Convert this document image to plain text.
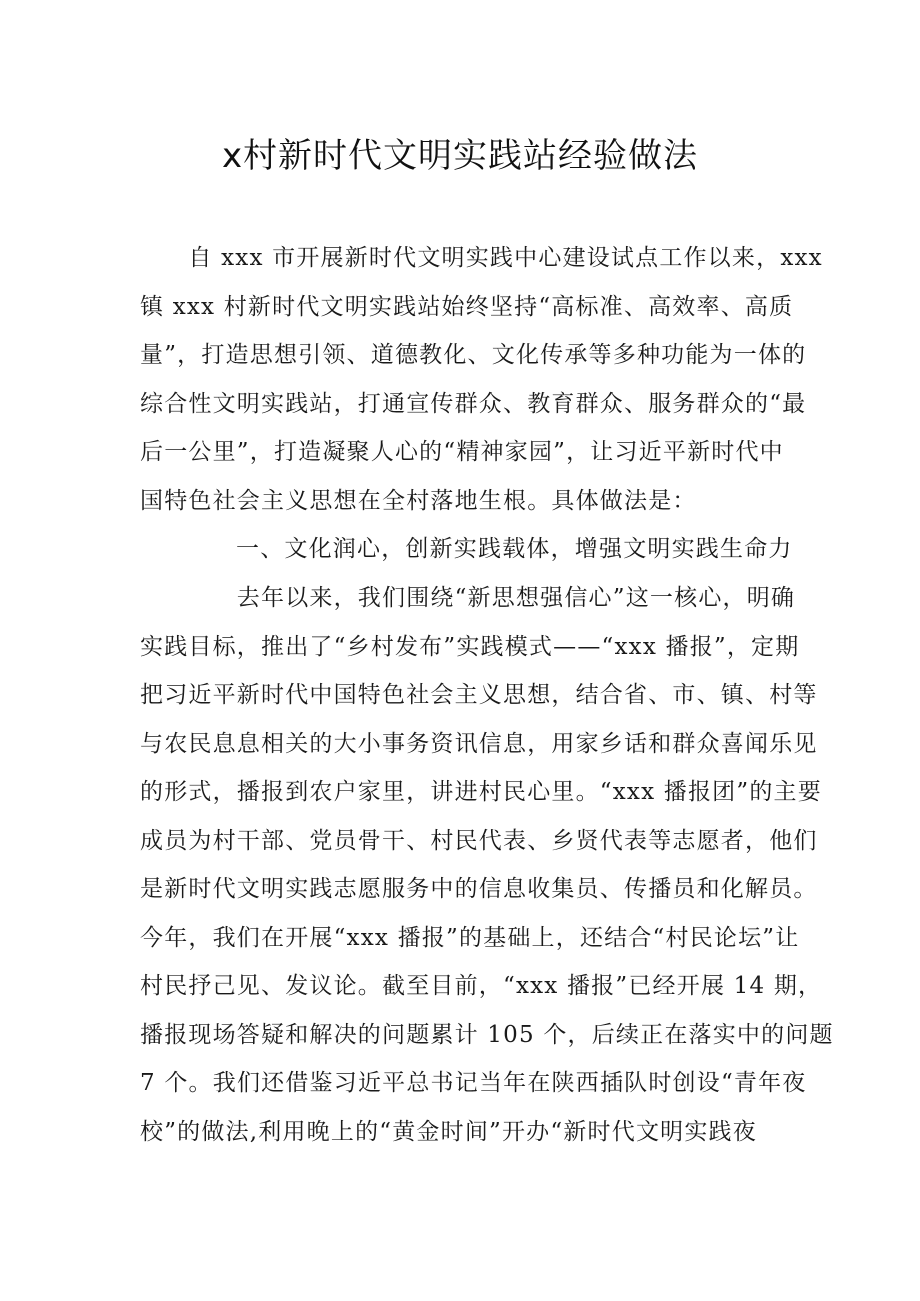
x村新时代文明实践站经验做法
　　自 xxx 市开展新时代文明实践中心建设试点工作以来，xxx
镇 xxx 村新时代文明实践站始终坚持“高标准、高效率、高质
量”，打造思想引领、道德教化、文化传承等多种功能为一体的
综合性文明实践站，打通宣传群众、教育群众、服务群众的“最
后一公里”，打造凝聚人心的“精神家园”，让习近平新时代中
国特色社会主义思想在全村落地生根。具体做法是：
一、文化润心，创新实践载体，增强文明实践生命力
　　　　去年以来，我们围绕“新思想强信心”这一核心，明确
实践目标，推出了“乡村发布”实践模式——“xxx 播报”，定期
把习近平新时代中国特色社会主义思想，结合省、市、镇、村等
与农民息息相关的大小事务资讯信息，用家乡话和群众喜闻乐见
的形式，播报到农户家里，讲进村民心里。“xxx 播报团”的主要
成员为村干部、党员骨干、村民代表、乡贤代表等志愿者，他们
是新时代文明实践志愿服务中的信息收集员、传播员和化解员。
今年，我们在开展“xxx 播报”的基础上，还结合“村民论坛”让
村民抒己见、发议论。截至目前，“xxx 播报”已经开展 14 期，
播报现场答疑和解决的问题累计 105 个，后续正在落实中的问题
7 个。我们还借鉴习近平总书记当年在陕西插队时创设“青年夜
校”的做法,利用晚上的“黄金时间”开办“新时代文明实践夜
